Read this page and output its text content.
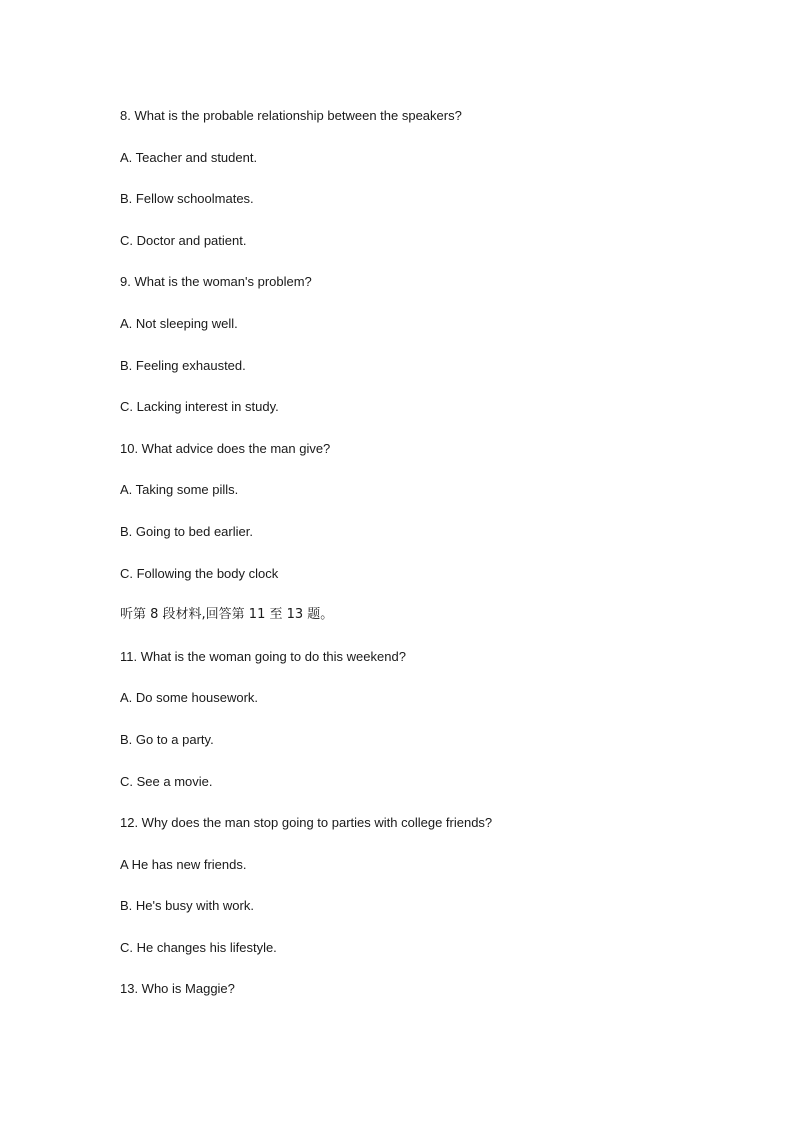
8. What is the probable relationship between the speakers?
A. Teacher and student.
B. Fellow schoolmates.
C. Doctor and patient.
9. What is the woman's problem?
A. Not sleeping well.
B. Feeling exhausted.
C. Lacking interest in study.
10. What advice does the man give?
A. Taking some pills.
B. Going to bed earlier.
C. Following the body clock
听第 8 段材料,回答第 11 至 13 题。
11. What is the woman going to do this weekend?
A. Do some housework.
B. Go to a party.
C. See a movie.
12. Why does the man stop going to parties with college friends?
A He has new friends.
B. He's busy with work.
C. He changes his lifestyle.
13. Who is Maggie?
